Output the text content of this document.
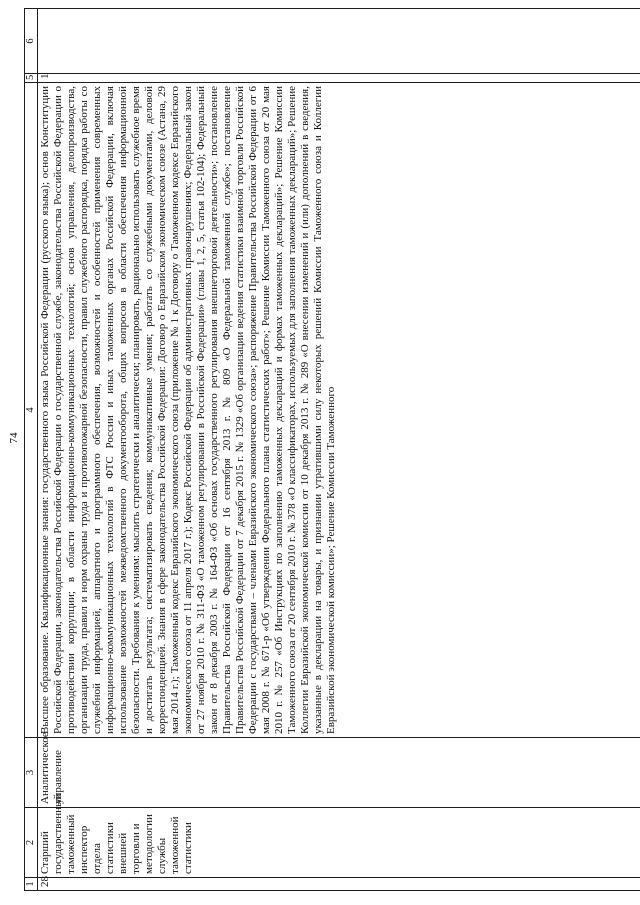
74
1	2	3	4	5	6
28	Старший государственный таможенный инспектор отдела статистики внешней торговли и методологии службы таможенной статистики	Аналитическое управление	Высшее образование. Квалификационные знания: государственного языка Российской Федерации (русского языка); основ Конституции Российской Федерации, законодательства Российской Федерации о государственной службе, законодательства Российской Федерации о противодействии коррупции; в области информационно-коммуникационных технологий; основ управления, делопроизводства, организации труда, правил и норм охраны труда и противопожарной безопасности, правил служебного распорядка, порядка работы со служебной информацией, аппаратного и программного обеспечения, возможностей и особенностей применения современных информационно-коммуникационных технологий в ФТС России и иных таможенных органах Российской Федерации, включая использование возможностей межведомственного документооборота, общих вопросов в области обеспечения информационной безопасности. Требования к умениям: мыслить стратегически и аналитически; планировать, рационально использовать служебное время и достигать результата; систематизировать сведения; коммуникативные умения; работать со служебными документами, деловой корреспонденцией. Знания в сфере законодательства Российской Федерации: Договор о Евразийском экономическом союзе (Астана, 29 мая 2014 г.); Таможенный кодекс Евразийского экономического союза (приложение № 1 к Договору о Таможенном кодексе Евразийского экономического союза от 11 апреля 2017 г.); Кодекс Российской Федерации об административных правонарушениях; Федеральный закон от 27 ноября 2010 г. № 311-ФЗ «О таможенном регулировании в Российской Федерации» (главы 1, 2, 5, статья 102-104); Федеральный закон от 8 декабря 2003 г. № 164-ФЗ «Об основах государственного регулирования внешнеторговой деятельности»; постановление Правительства Российской Федерации от 16 сентября 2013 г. № 809 «О Федеральной таможенной службе»; постановление Правительства Российской Федерации от 7 декабря 2015 г. № 1329 «Об организации ведения статистики взаимной торговли Российской Федерации с государствами – членами Евразийского экономического союза»; распоряжение Правительства Российской Федерации от 6 мая 2008 г. № 671-р «Об утверждении Федерального плана статистических работ»; Решение Комиссии Таможенного союза от 20 мая 2010 г. № 257 «Об Инструкциях по заполнению таможенных деклараций и формах таможенных деклараций»; Решение Комиссии Таможенного союза от 20 сентября 2010 г. № 378 «О классификаторах, используемых для заполнения таможенных деклараций»; Решение Коллегии Евразийской экономической комиссии от 10 декабря 2013 г. № 289 «О внесении изменений и (или) дополнений в сведения, указанные в декларации на товары, и признании утратившими силу некоторых решений Комиссии Таможенного союза и Коллегии Евразийской экономической комиссии»; Решение Комиссии Таможенного	1	
